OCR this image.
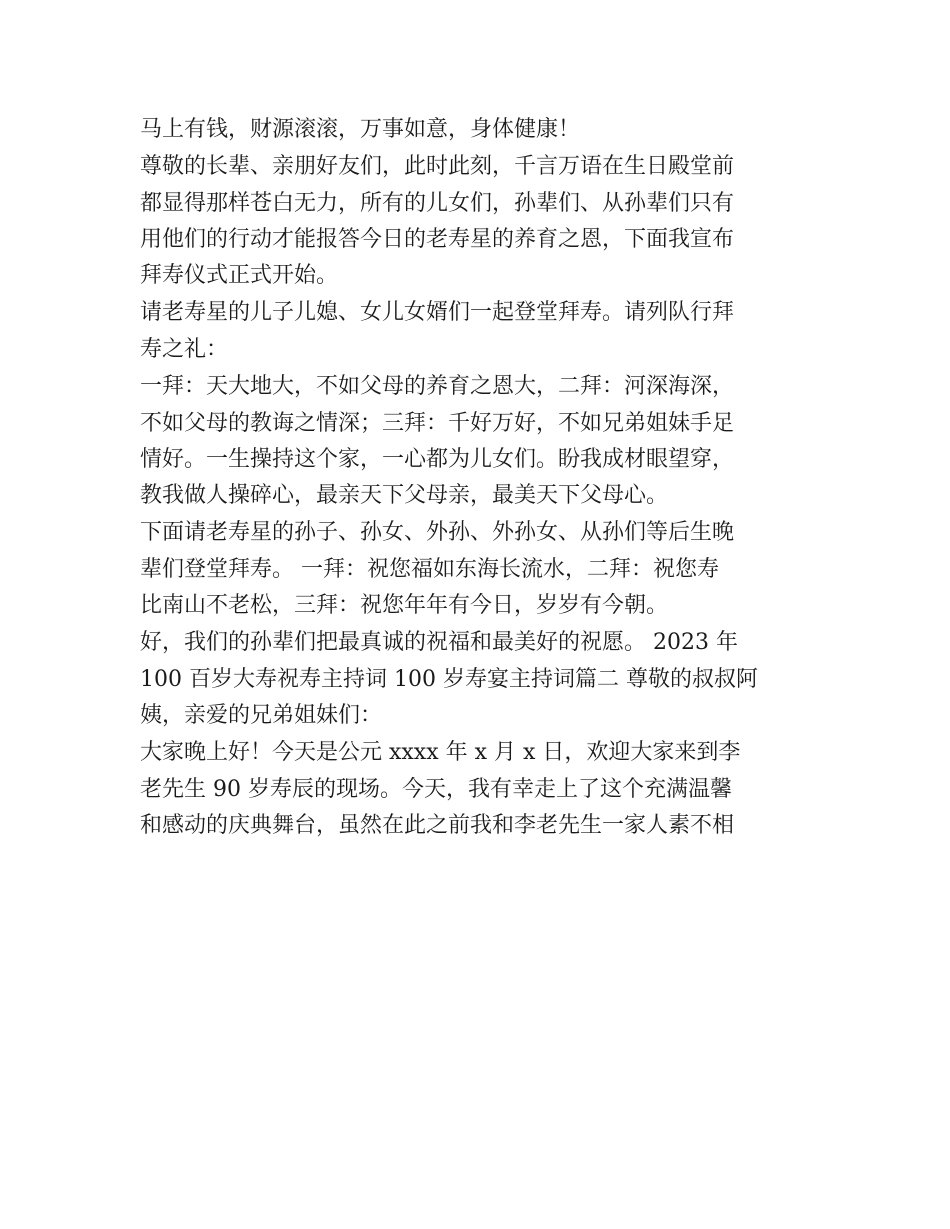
马上有钱，财源滚滚，万事如意，身体健康！
尊敬的长辈、亲朋好友们，此时此刻，千言万语在生日殿堂前
都显得那样苍白无力，所有的儿女们，孙辈们、从孙辈们只有
用他们的行动才能报答今日的老寿星的养育之恩，下面我宣布
拜寿仪式正式开始。
请老寿星的儿子儿媳、女儿女婿们一起登堂拜寿。请列队行拜
寿之礼：
一拜：天大地大，不如父母的养育之恩大，二拜：河深海深，
不如父母的教诲之情深；三拜：千好万好，不如兄弟姐妹手足
情好。一生操持这个家，一心都为儿女们。盼我成材眼望穿，
教我做人操碎心，最亲天下父母亲，最美天下父母心。
下面请老寿星的孙子、孙女、外孙、外孙女、从孙们等后生晚
辈们登堂拜寿。 一拜：祝您福如东海长流水，二拜：祝您寿
比南山不老松，三拜：祝您年年有今日，岁岁有今朝。
好，我们的孙辈们把最真诚的祝福和最美好的祝愿。 2023 年
100 百岁大寿祝寿主持词 100 岁寿宴主持词篇二 尊敬的叔叔阿
姨，亲爱的兄弟姐妹们：
大家晚上好！今天是公元 xxxx 年 x 月 x 日，欢迎大家来到李
老先生 90 岁寿辰的现场。今天，我有幸走上了这个充满温馨
和感动的庆典舞台，虽然在此之前我和李老先生一家人素不相
